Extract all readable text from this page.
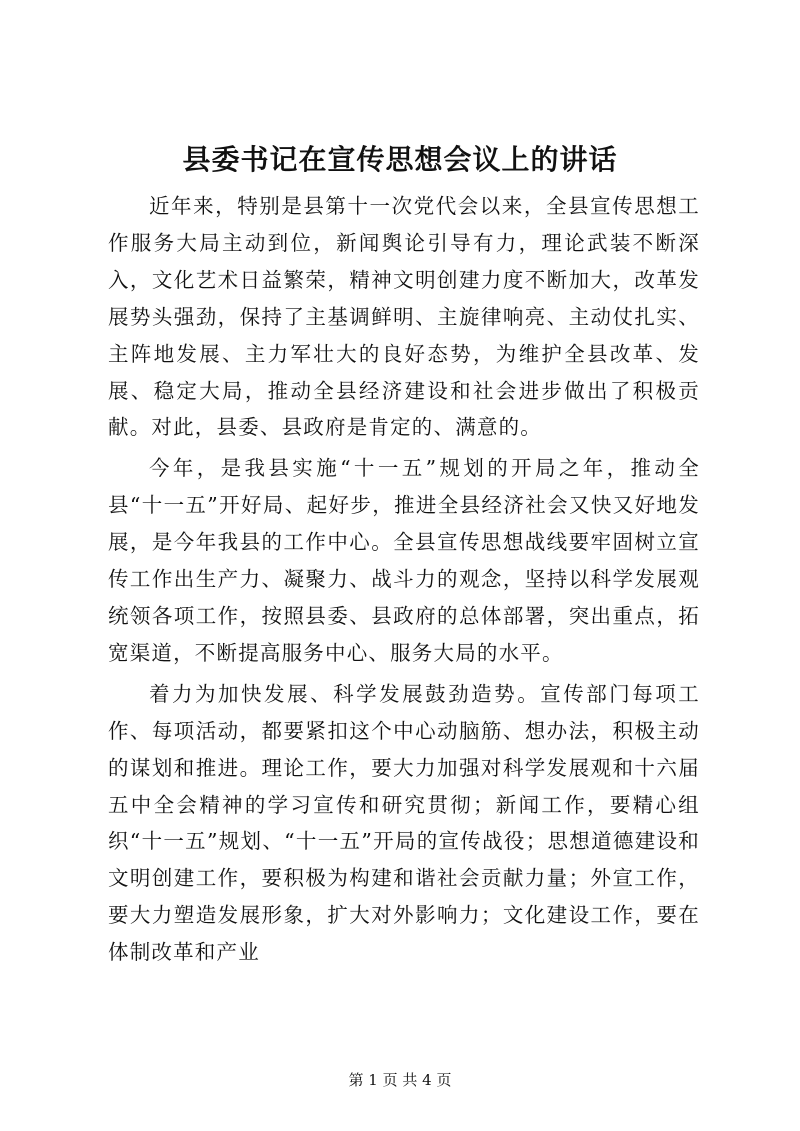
县委书记在宣传思想会议上的讲话

近年来，特别是县第十一次党代会以来，全县宣传思想工作服务大局主动到位，新闻舆论引导有力，理论武装不断深入，文化艺术日益繁荣，精神文明创建力度不断加大，改革发展势头强劲，保持了主基调鲜明、主旋律响亮、主动仗扎实、主阵地发展、主力军壮大的良好态势，为维护全县改革、发展、稳定大局，推动全县经济建设和社会进步做出了积极贡献。对此，县委、县政府是肯定的、满意的。

今年，是我县实施“十一五”规划的开局之年，推动全县“十一五”开好局、起好步，推进全县经济社会又快又好地发展，是今年我县的工作中心。全县宣传思想战线要牢固树立宣传工作出生产力、凝聚力、战斗力的观念，坚持以科学发展观统领各项工作，按照县委、县政府的总体部署，突出重点，拓宽渠道，不断提高服务中心、服务大局的水平。

着力为加快发展、科学发展鼓劲造势。宣传部门每项工作、每项活动，都要紧扣这个中心动脑筋、想办法，积极主动的谋划和推进。理论工作，要大力加强对科学发展观和十六届五中全会精神的学习宣传和研究贯彻；新闻工作，要精心组织“十一五”规划、“十一五”开局的宣传战役；思想道德建设和文明创建工作，要积极为构建和谐社会贡献力量；外宣工作，要大力塑造发展形象，扩大对外影响力；文化建设工作，要在体制改革和产业

第 1 页 共 4 页
